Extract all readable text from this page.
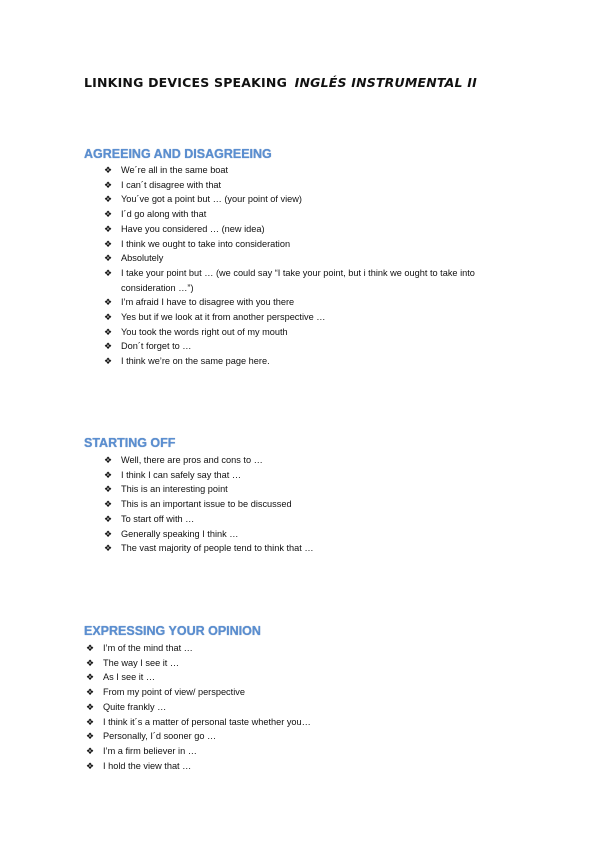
LINKING DEVICES SPEAKING INGLÉS INSTRUMENTAL II
AGREEING AND DISAGREEING
❖ We´re all in the same boat
❖ I can´t disagree with that
❖ You´ve got a point but … (your point of view)
❖ I´d go along with that
❖ Have you considered … (new idea)
❖ I think we ought to take into consideration
❖ Absolutely
❖ I take your point but … (we could say “I take your point, but i think we ought to take into consideration …”)
❖ I’m afraid I have to disagree with you there
❖ Yes but if we look at it from another perspective …
❖ You took the words right out of my mouth
❖ Don´t forget to …
❖ I think we’re on the same page here.
STARTING OFF
❖ Well, there are pros and cons to …
❖ I think I can safely say that …
❖ This is an interesting point
❖ This is an important issue to be discussed
❖ To start off with …
❖ Generally speaking I think …
❖ The vast majority of people tend to think that …
EXPRESSING YOUR OPINION
❖ I’m of the mind that …
❖ The way I see it …
❖ As I see it …
❖ From my point of view/ perspective
❖ Quite frankly …
❖ I think it´s a matter of personal taste whether you…
❖ Personally, I´d sooner go …
❖ I’m a firm believer in …
❖ I hold the view that …
